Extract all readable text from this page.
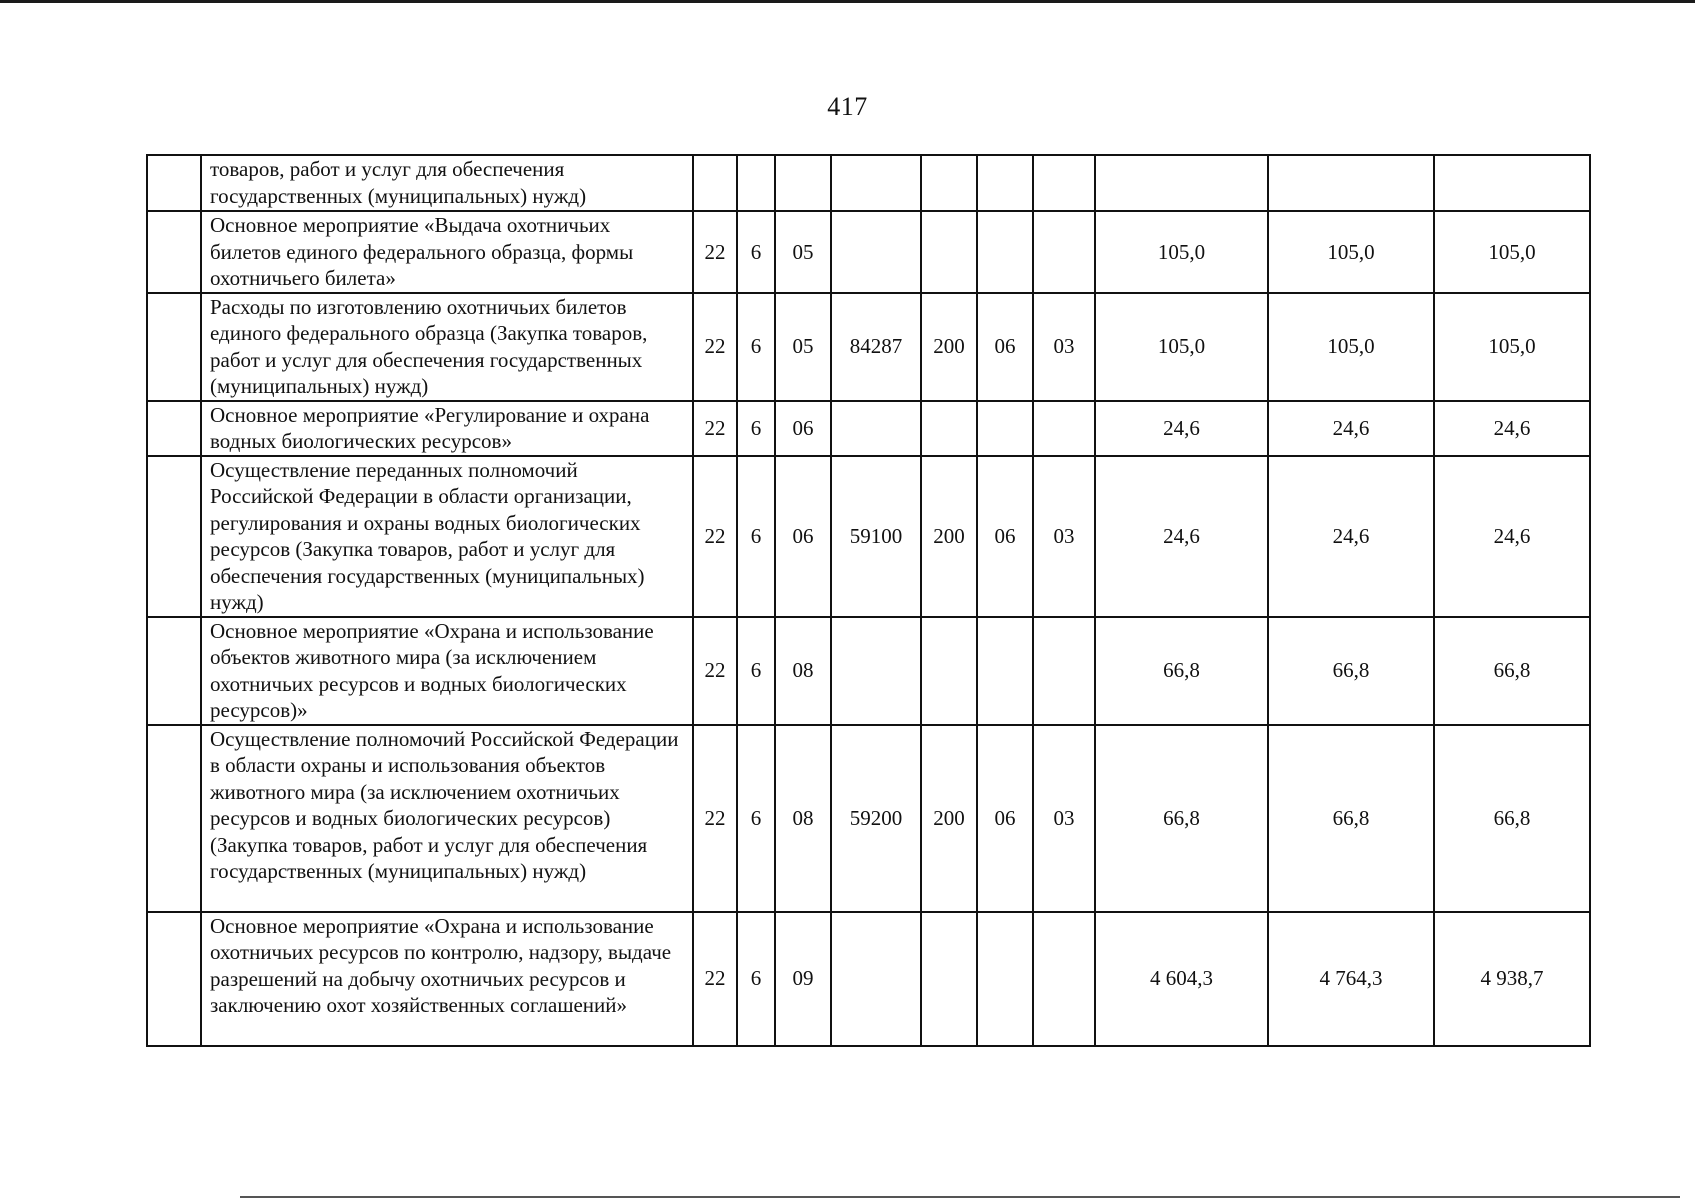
417
	товаров, работ и услуг для обеспечения государственных (муниципальных) нужд)										
	Основное мероприятие «Выдача охотничьих билетов единого федерального образца, формы охотничьего билета»	22	6	05					105,0	105,0	105,0
	Расходы по изготовлению охотничьих билетов единого федерального образца (Закупка товаров, работ и услуг для обеспечения государственных (муниципальных) нужд)	22	6	05	84287	200	06	03	105,0	105,0	105,0
	Основное мероприятие «Регулирование и охрана водных биологических ресурсов»	22	6	06					24,6	24,6	24,6
	Осуществление переданных полномочий Российской Федерации в области организации, регулирования и охраны водных биологических ресурсов (Закупка товаров, работ и услуг для обеспечения государственных (муниципальных) нужд)	22	6	06	59100	200	06	03	24,6	24,6	24,6
	Основное мероприятие «Охрана и использование объектов животного мира (за исключением охотничьих ресурсов и водных биологических ресурсов)»	22	6	08					66,8	66,8	66,8
	Осуществление полномочий Российской Федерации в области охраны и использования объектов животного мира (за исключением охотничьих ресурсов и водных биологических ресурсов) (Закупка товаров, работ и услуг для обеспечения государственных (муниципальных) нужд)	22	6	08	59200	200	06	03	66,8	66,8	66,8
	Основное мероприятие «Охрана и использование охотничьих ресурсов по контролю, надзору, выдаче разрешений на добычу охотничьих ресурсов и заключению охот хозяйственных соглашений»	22	6	09					4 604,3	4 764,3	4 938,7
